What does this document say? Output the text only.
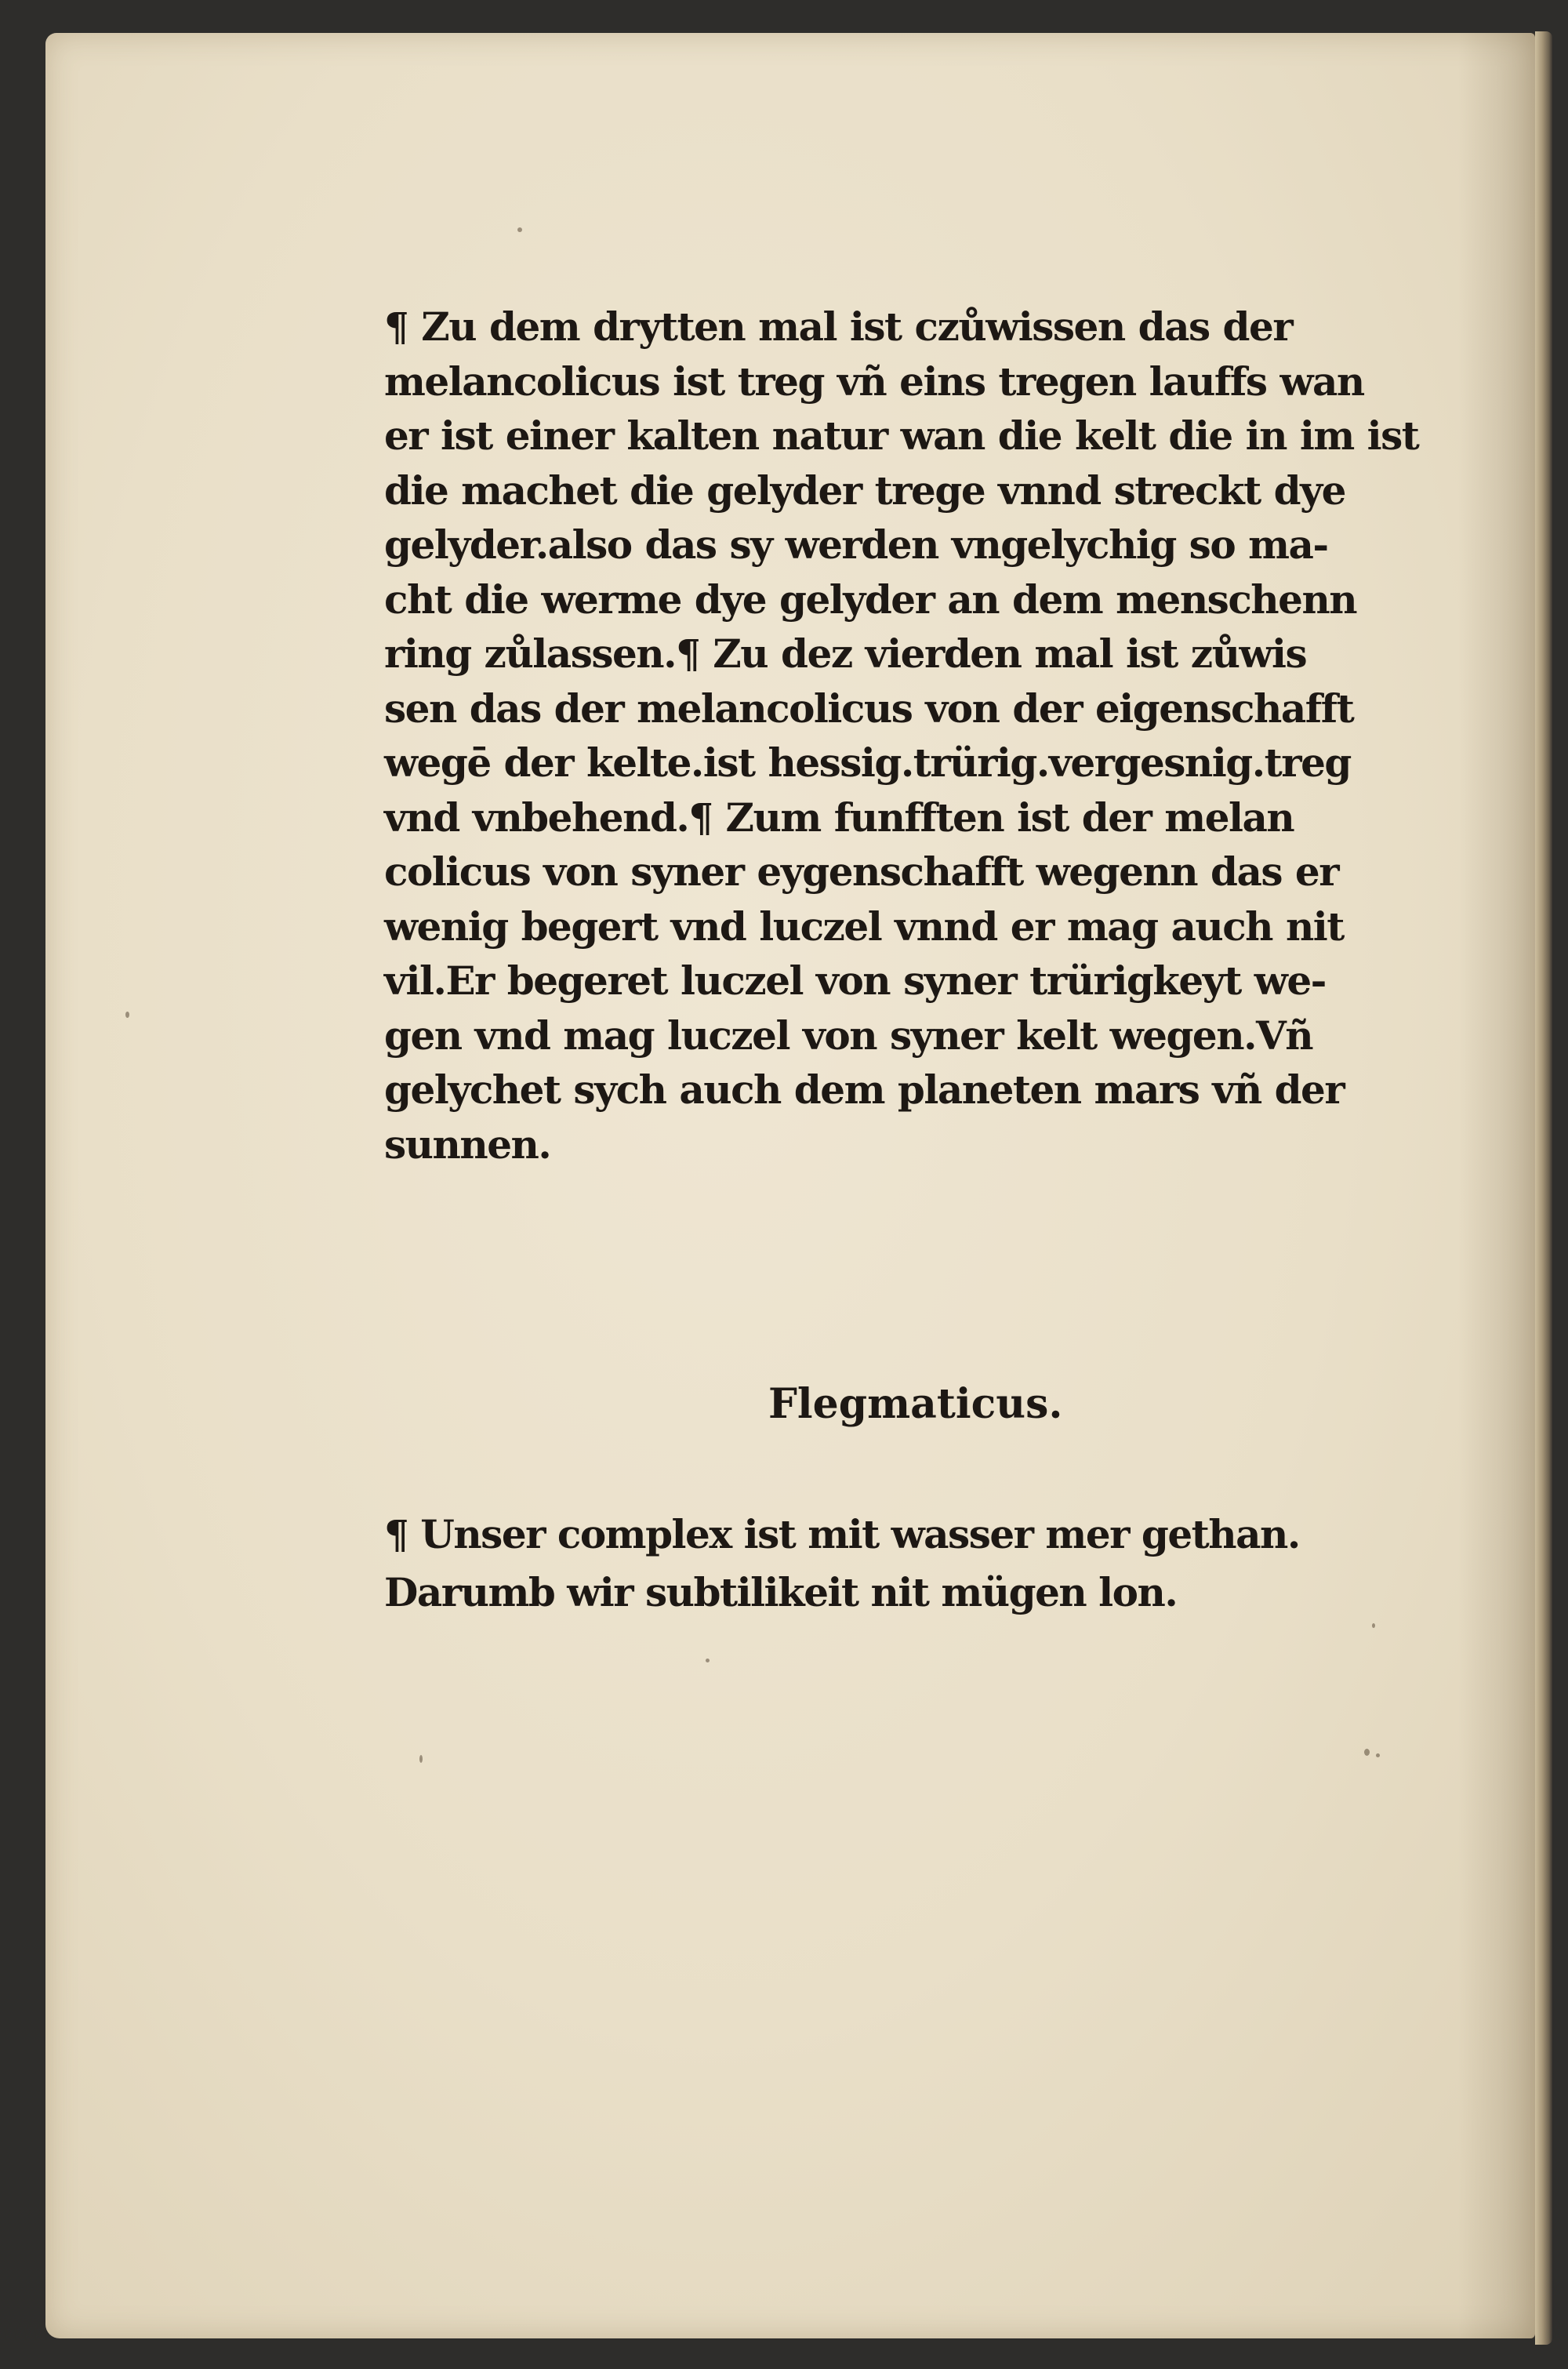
¶ Zu dem drytten mal ist czůwissen das der
melancolicus ist treg vñ eins tregen lauffs wan
er ist einer kalten natur wan die kelt die in im ist
die machet die gelyder trege vnnd streckt dye
gelyder.also das sy werden vngelychig so ma-
cht die werme dye gelyder an dem menschenn
ring zůlassen.¶ Zu dez vierden mal ist zůwis
sen das der melancolicus von der eigenschafft
wegē der kelte.ist hessig.trürig.vergesnig.treg
vnd vnbehend.¶ Zum funfften ist der melan
colicus von syner eygenschafft wegenn das er
wenig begert vnd luczel vnnd er mag auch nit
vil.Er begeret luczel von syner trürigkeyt we-
gen vnd mag luczel von syner kelt wegen.Vñ
gelychet sych auch dem planeten mars vñ der
sunnen.
Flegmaticus.
¶ Unser complex ist mit wasser mer gethan.
Darumb wir subtilikeit nit mügen lon.
